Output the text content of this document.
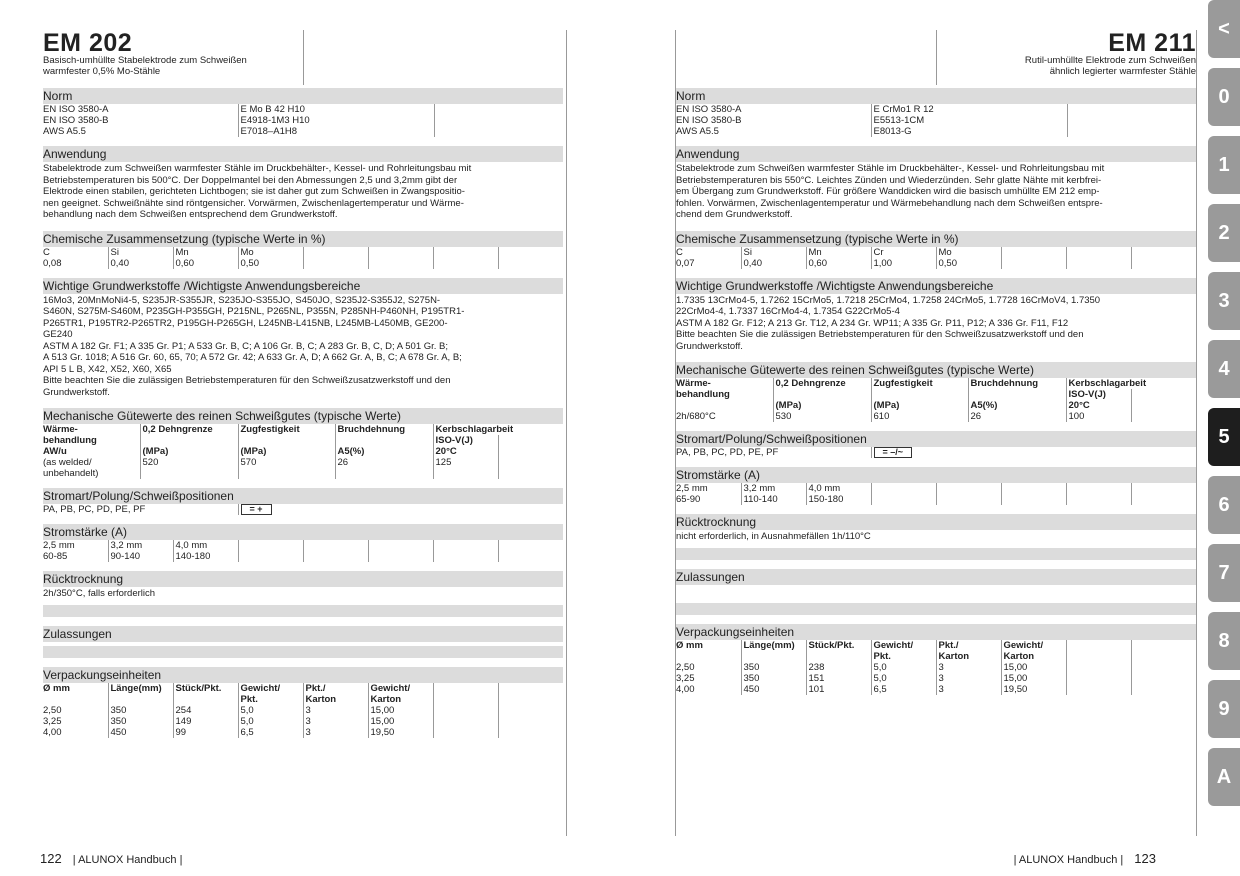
EM 202
Basisch-umhüllte Stabelektrode zum Schweißen
warmfester 0,5% Mo-Stähle
Norm
EN ISO 3580-A	E Mo B 42 H10	
EN ISO 3580-B	E4918-1M3 H10	
AWS A5.5	E7018–A1H8	
Anwendung
Stabelektrode zum Schweißen warmfester Stähle im Druckbehälter-, Kessel- und Rohrleitungsbau mit
Betriebstemperaturen bis 500°C. Der Doppelmantel bei den Abmessungen 2,5 und 3,2mm gibt der
Elektrode einen stabilen, gerichteten Lichtbogen; sie ist daher gut zum Schweißen in Zwangspositio-
nen geeignet. Schweißnähte sind röntgensicher. Vorwärmen, Zwischenlagertemperatur und Wärme-
behandlung nach dem Schweißen entsprechend dem Grundwerkstoff.
Chemische Zusammensetzung (typische Werte in %)
C	Si	Mn	Mo				
0,08	0,40	0,60	0,50				
Wichtige Grundwerkstoffe /Wichtigste Anwendungsbereiche
16Mo3, 20MnMoNi4-5, S235JR-S355JR, S235JO-S355JO, S450JO, S235J2-S355J2, S275N-
S460N, S275M-S460M, P235GH-P355GH, P215NL, P265NL, P355N, P285NH-P460NH, P195TR1-
P265TR1, P195TR2-P265TR2, P195GH-P265GH, L245NB-L415NB, L245MB-L450MB, GE200-
GE240
ASTM A 182 Gr. F1; A 335 Gr. P1; A 533 Gr. B, C; A 106 Gr. B, C; A 283 Gr. B, C, D; A 501 Gr. B;
A 513 Gr. 1018; A 516 Gr. 60, 65, 70; A 572 Gr. 42; A 633 Gr. A, D; A 662 Gr. A, B, C; A 678 Gr. A, B;
API 5 L B, X42, X52, X60, X65
Bitte beachten Sie die zulässigen Betriebstemperaturen für den Schweißzusatzwerkstoff und den
Grundwerkstoff.
Mechanische Gütewerte des reinen Schweißgutes (typische Werte)
Wärme-	0,2 Dehngrenze	Zugfestigkeit	Bruchdehnung	Kerbschlagarbeit	
behandlung				ISO-V(J)	
AW/u	(MPa)	(MPa)	A5(%)	20°C	
(as welded/	520	570	26	125	
unbehandelt)					
Stromart/Polung/Schweißpositionen
PA, PB, PC, PD, PE, PF	= +
Stromstärke (A)
2,5 mm	3,2 mm	4,0 mm					
60-85	90-140	140-180					
Rücktrocknung
2h/350°C, falls erforderlich
Zulassungen
Verpackungseinheiten
Ø mm	Länge(mm)	Stück/Pkt.	Gewicht/	Pkt./	Gewicht/		
			Pkt.	Karton	Karton		
2,50	350	254	5,0	3	15,00		
3,25	350	149	5,0	3	15,00		
4,00	450	99	6,5	3	19,50		
EM 211
Rutil-umhüllte Elektrode zum Schweißen
ähnlich legierter warmfester Stähle
Norm
EN ISO 3580-A	E CrMo1 R 12	
EN ISO 3580-B	E5513-1CM	
AWS A5.5	E8013-G	
Anwendung
Stabelektrode zum Schweißen warmfester Stähle im Druckbehälter-, Kessel- und Rohrleitungsbau mit
Betriebstemperaturen bis 550°C. Leichtes Zünden und Wiederzünden. Sehr glatte Nähte mit kerbfrei-
em Übergang zum Grundwerkstoff. Für größere Wanddicken wird die basisch umhüllte EM 212 emp-
fohlen. Vorwärmen, Zwischenlagentemperatur und Wärmebehandlung nach dem Schweißen entspre-
chend dem Grundwerkstoff.
Chemische Zusammensetzung (typische Werte in %)
C	Si	Mn	Cr	Mo			
0,07	0,40	0,60	1,00	0,50			
Wichtige Grundwerkstoffe /Wichtigste Anwendungsbereiche
1.7335 13CrMo4-5, 1.7262 15CrMo5, 1.7218 25CrMo4, 1.7258 24CrMo5, 1.7728 16CrMoV4, 1.7350
22CrMo4-4, 1.7337 16CrMo4-4, 1.7354 G22CrMo5-4
ASTM A 182 Gr. F12; A 213 Gr. T12, A 234 Gr. WP11; A 335 Gr. P11, P12; A 336 Gr. F11, F12
Bitte beachten Sie die zulässigen Betriebstemperaturen für den Schweißzusatzwerkstoff und den
Grundwerkstoff.
Mechanische Gütewerte des reinen Schweißgutes (typische Werte)
Wärme-	0,2 Dehngrenze	Zugfestigkeit	Bruchdehnung	Kerbschlagarbeit	
behandlung				ISO-V(J)	
	(MPa)	(MPa)	A5(%)	20°C	
2h/680°C	530	610	26	100	
Stromart/Polung/Schweißpositionen
PA, PB, PC, PD, PE, PF	= –/~
Stromstärke (A)
2,5 mm	3,2 mm	4,0 mm					
65-90	110-140	150-180					
Rücktrocknung
nicht erforderlich, in Ausnahmefällen 1h/110°C
Zulassungen
Verpackungseinheiten
Ø mm	Länge(mm)	Stück/Pkt.	Gewicht/	Pkt./	Gewicht/		
			Pkt.	Karton	Karton		
2,50	350	238	5,0	3	15,00		
3,25	350	151	5,0	3	15,00		
4,00	450	101	6,5	3	19,50		
122 | ALUNOX Handbuch |	| ALUNOX Handbuch | 123
<
0
1
2
3
4
5
6
7
8
9
A
